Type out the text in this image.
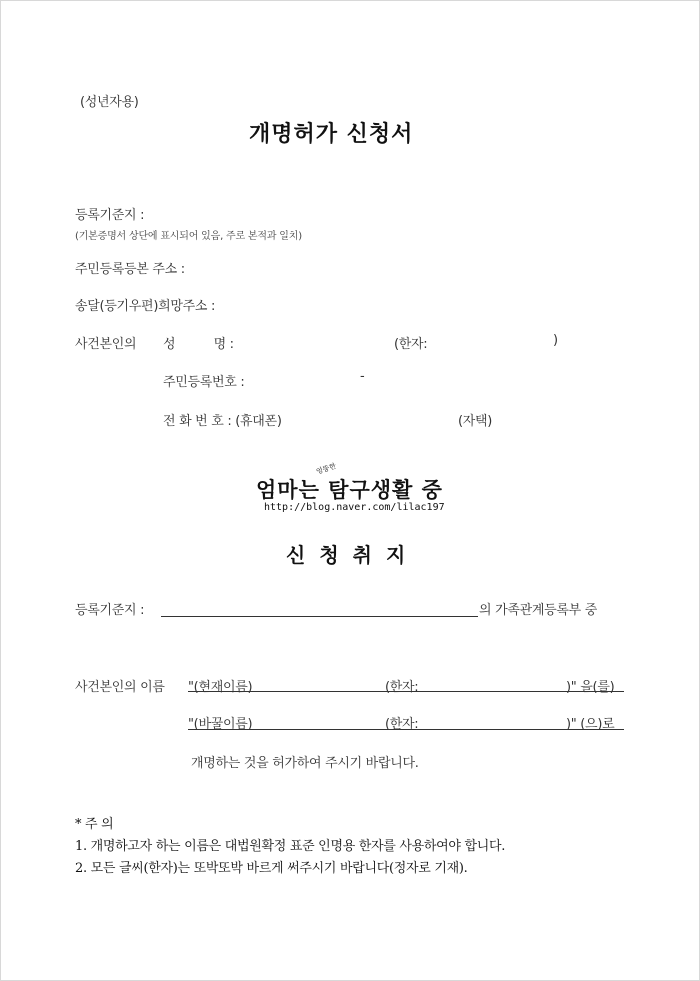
(성년자용)
개명허가 신청서
등록기준지 :
(기본증명서 상단에 표시되어 있음, 주로 본적과 일치)
주민등록등본 주소 :
송달(등기우편)희망주소 :
사건본인의 성          명 :	(한자:	)
주민등록번호 :	-
전 화 번 호 : (휴대폰)	(자택)
엄마는 탐구생활 중
엉뚱한
http://blog.naver.com/lilac197
신청취지
등록기준지 :	의 가족관계등록부 중
사건본인의 이름 "(현재이름)	(한자:	)" 을(를)
"(바꿀이름)	(한자:	)" (으)로
개명하는 것을 허가하여 주시기 바랍니다.
* 주 의
1. 개명하고자 하는 이름은 대법원확정 표준 인명용 한자를 사용하여야 합니다.
2. 모든 글씨(한자)는 또박또박 바르게 써주시기 바랍니다(정자로 기재).
